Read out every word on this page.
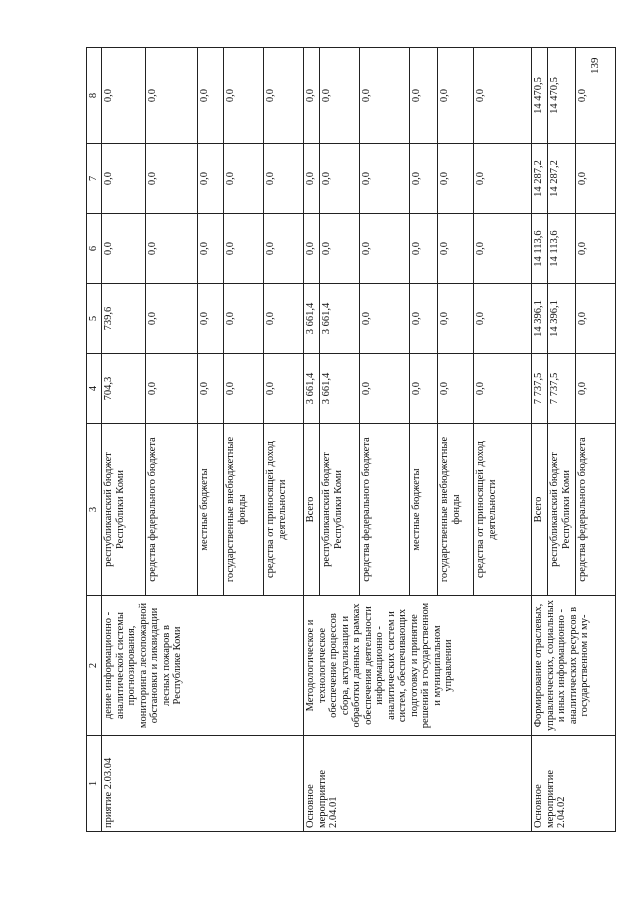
139
1	2	3	4	5	6	7	8
приятие 2.03.04	дение информационно - аналитической системы прогнозирования, мониторинга лесопожарной обстановки и ликвидации лесных пожаров в Республике Коми	республиканский бюджет Республики Коми	704,3	739,6	0,0	0,0	0,0
		средства федерального бюджета	0,0	0,0	0,0	0,0	0,0
		местные бюджеты	0,0	0,0	0,0	0,0	0,0
		государственные внебюджетные фонды	0,0	0,0	0,0	0,0	0,0
		средства от приносящей доход деятельности	0,0	0,0	0,0	0,0	0,0
Основное мероприятие 2.04.01	Методологическое и технологическое обеспечение процессов сбора, актуализации и обработки данных в рамках обеспечения деятельности информационно - аналитических систем и систем, обеспечивающих подготовку и принятие решений в государственном и муниципальном управлении	Всего	3 661,4	3 661,4	0,0	0,0	0,0
		республиканский бюджет Республики Коми	3 661,4	3 661,4	0,0	0,0	0,0
		средства федерального бюджета	0,0	0,0	0,0	0,0	0,0
		местные бюджеты	0,0	0,0	0,0	0,0	0,0
		государственные внебюджетные фонды	0,0	0,0	0,0	0,0	0,0
		средства от приносящей доход деятельности	0,0	0,0	0,0	0,0	0,0
Основное мероприятие 2.04.02	Формирование отраслевых, управленческих, социальных и иных информационно - аналитических ресурсов в государственном и му-	Всего	7 737,5	14 396,1	14 113,6	14 287,2	14 470,5
		республиканский бюджет Республики Коми	7 737,5	14 396,1	14 113,6	14 287,2	14 470,5
		средства федерального бюджета	0,0	0,0	0,0	0,0	0,0
